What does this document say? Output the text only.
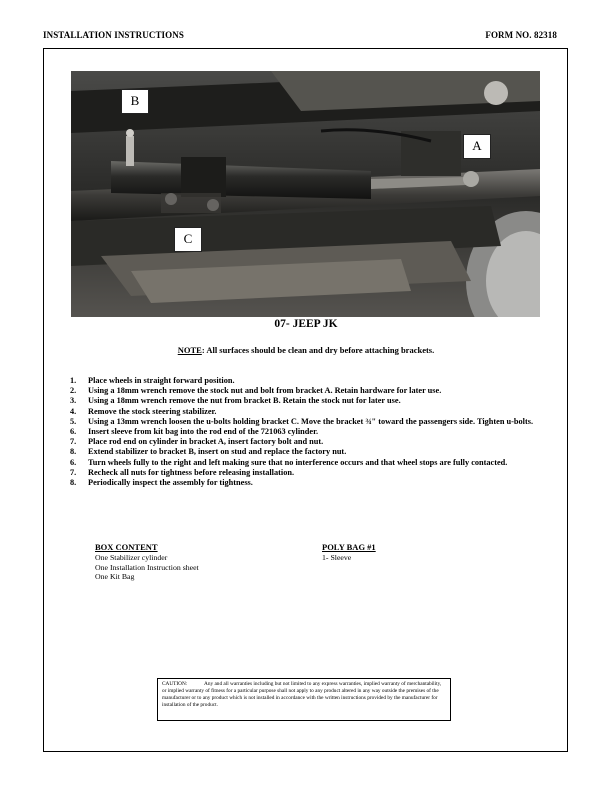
INSTALLATION INSTRUCTIONS	FORM NO. 82318
B
A
C
07- JEEP JK
NOTE: All surfaces should be clean and dry before attaching brackets.
1. Place wheels in straight forward position.
2. Using a 18mm wrench remove the stock nut and bolt from bracket A. Retain hardware for later use.
3. Using a 18mm wrench remove the nut from bracket B. Retain the stock nut for later use.
4. Remove the stock steering stabilizer.
5. Using a 13mm wrench loosen the u-bolts holding bracket C. Move the bracket ¾" toward the passengers side. Tighten u-bolts.
6. Insert sleeve from kit bag into the rod end of the 721063 cylinder.
7. Place rod end on cylinder in bracket A, insert factory bolt and nut.
8. Extend stabilizer to bracket B, insert on stud and replace the factory nut.
6. Turn wheels fully to the right and left making sure that no interference occurs and that wheel stops are fully contacted.
7. Recheck all nuts for tightness before releasing installation.
8. Periodically inspect the assembly for tightness.
BOX CONTENT
One Stabilizer cylinder
One Installation Instruction sheet
One Kit Bag
POLY BAG #1
1- Sleeve
CAUTION:	Any and all warranties including but not limited to any express warranties, implied warranty of merchantability, or implied warranty of fitness for a particular purpose shall not apply to any product altered in any way outside the premises of the manufacturer or to any product which is not installed in accordance with the written instructions provided by the manufacturer for installation of the product.
